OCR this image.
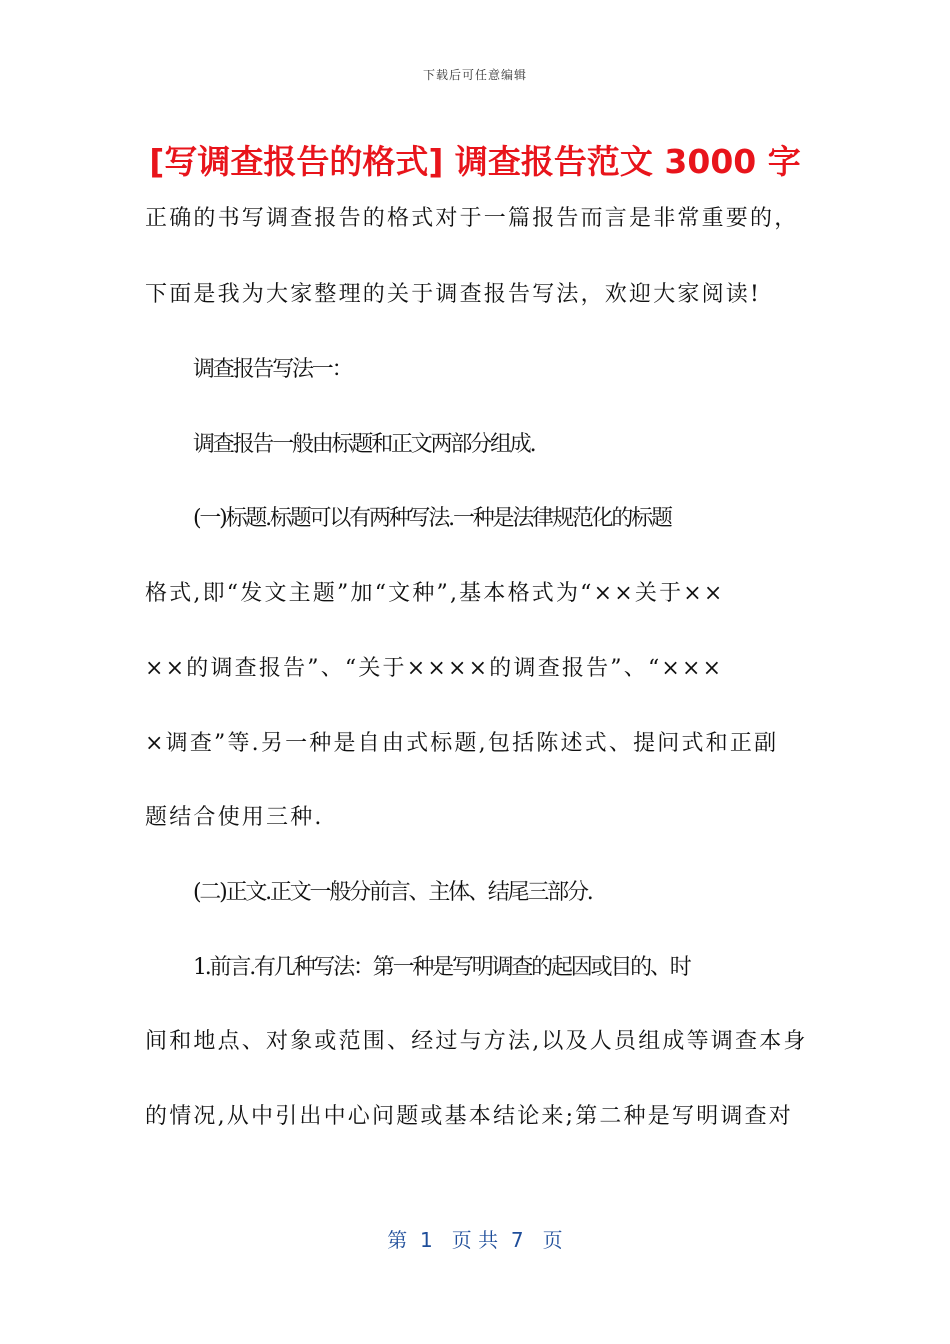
下载后可任意编辑
[写调查报告的格式] 调查报告范文 3000 字
正确的书写调查报告的格式对于一篇报告而言是非常重要的，
下面是我为大家整理的关于调查报告写法，欢迎大家阅读!
调查报告写法一：
调查报告一般由标题和正文两部分组成.
(一)标题.标题可以有两种写法.一种是法律规范化的标题
格式,即“发文主题”加“文种”,基本格式为“××关于××
××的调查报告”、“关于××××的调查报告”、“×××
×调查”等.另一种是自由式标题,包括陈述式、提问式和正副
题结合使用三种.
(二)正文.正文一般分前言、主体、结尾三部分.
1.前言.有几种写法：第一种是写明调查的起因或目的、时
间和地点、对象或范围、经过与方法,以及人员组成等调查本身
的情况,从中引出中心问题或基本结论来;第二种是写明调查对
第  1   页 共  7   页
